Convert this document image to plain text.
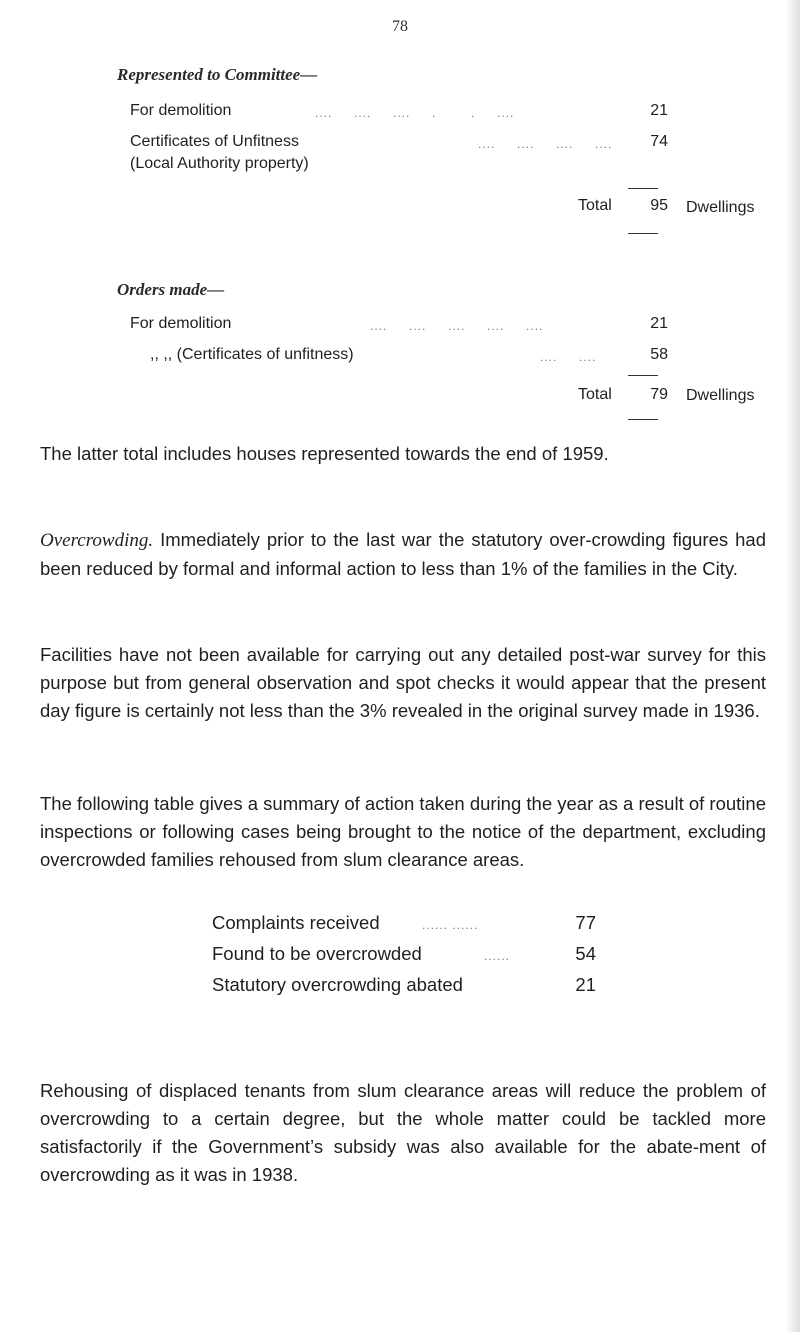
78
Represented to Committee—
For demolition	....     ....     ....     .        .     ....	21
Certificates of Unfitness	....     ....     ....     ....	74
(Local Authority property)
Total	95 Dwellings
Orders made—
For demolition	....     ....     ....     ....     ....	21
,, ,, (Certificates of unfitness)	....     ....	58
Total	79 Dwellings

The latter total includes houses represented towards the end of 1959.

Overcrowding. Immediately prior to the last war the statutory over-crowding figures had been reduced by formal and informal action to less than 1% of the families in the City.

Facilities have not been available for carrying out any detailed post-war survey for this purpose but from general observation and spot checks it would appear that the present day figure is certainly not less than the 3% revealed in the original survey made in 1936.

The following table gives a summary of action taken during the year as a result of routine inspections or following cases being brought to the notice of the department, excluding overcrowded families rehoused from slum clearance areas.

Complaints received	...... ......	77
Found to be overcrowded	......	54
Statutory overcrowding abated	21

Rehousing of displaced tenants from slum clearance areas will reduce the problem of overcrowding to a certain degree, but the whole matter could be tackled more satisfactorily if the Government’s subsidy was also available for the abate-ment of overcrowding as it was in 1938.
